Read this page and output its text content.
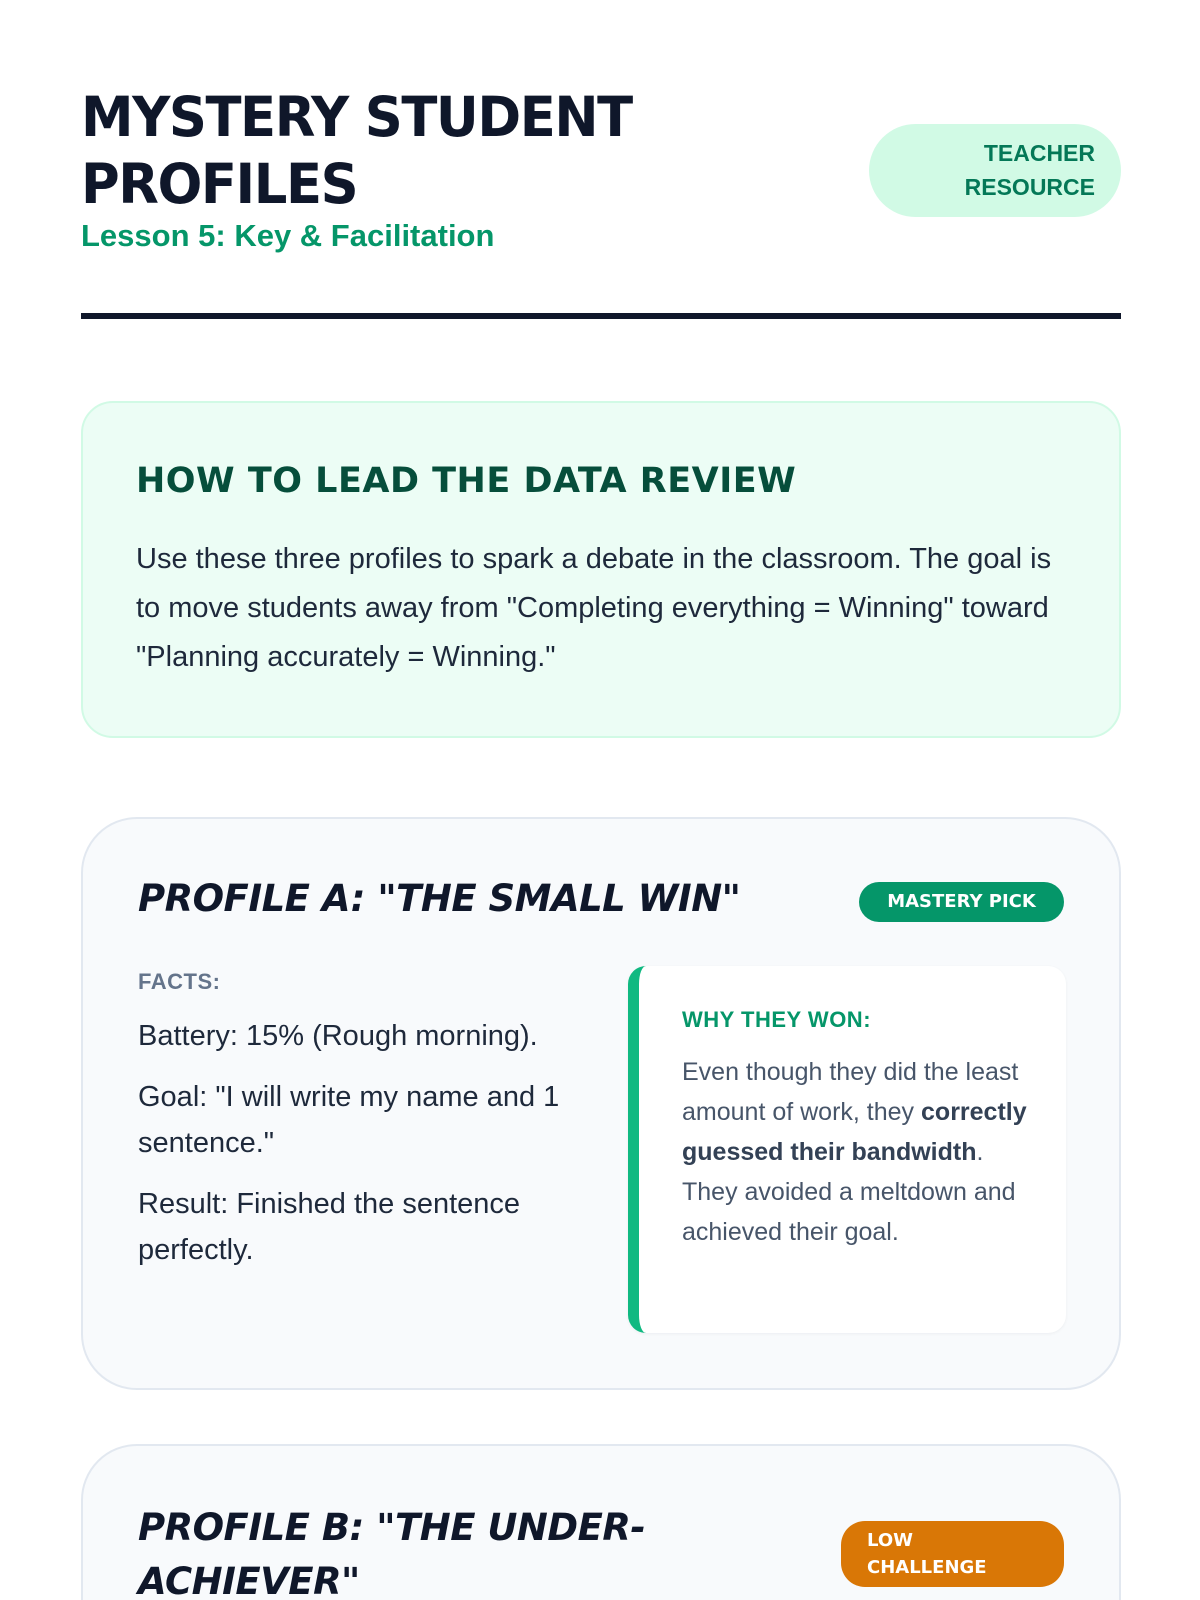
MYSTERY STUDENT PROFILES
Lesson 5: Key & Facilitation
TEACHER
RESOURCE
HOW TO LEAD THE DATA REVIEW

Use these three profiles to spark a debate in the classroom. The goal is to move students away from "Completing everything = Winning" toward "Planning accurately = Winning."

PROFILE A: "THE SMALL WIN"	MASTERY PICK
FACTS:
Battery: 15% (Rough morning).
Goal: "I will write my name and 1 sentence."
Result: Finished the sentence perfectly.
WHY THEY WON:
Even though they did the least amount of work, they correctly guessed their bandwidth. They avoided a meltdown and achieved their goal.
PROFILE B: "THE UNDER-ACHIEVER"
LOW
CHALLENGE
